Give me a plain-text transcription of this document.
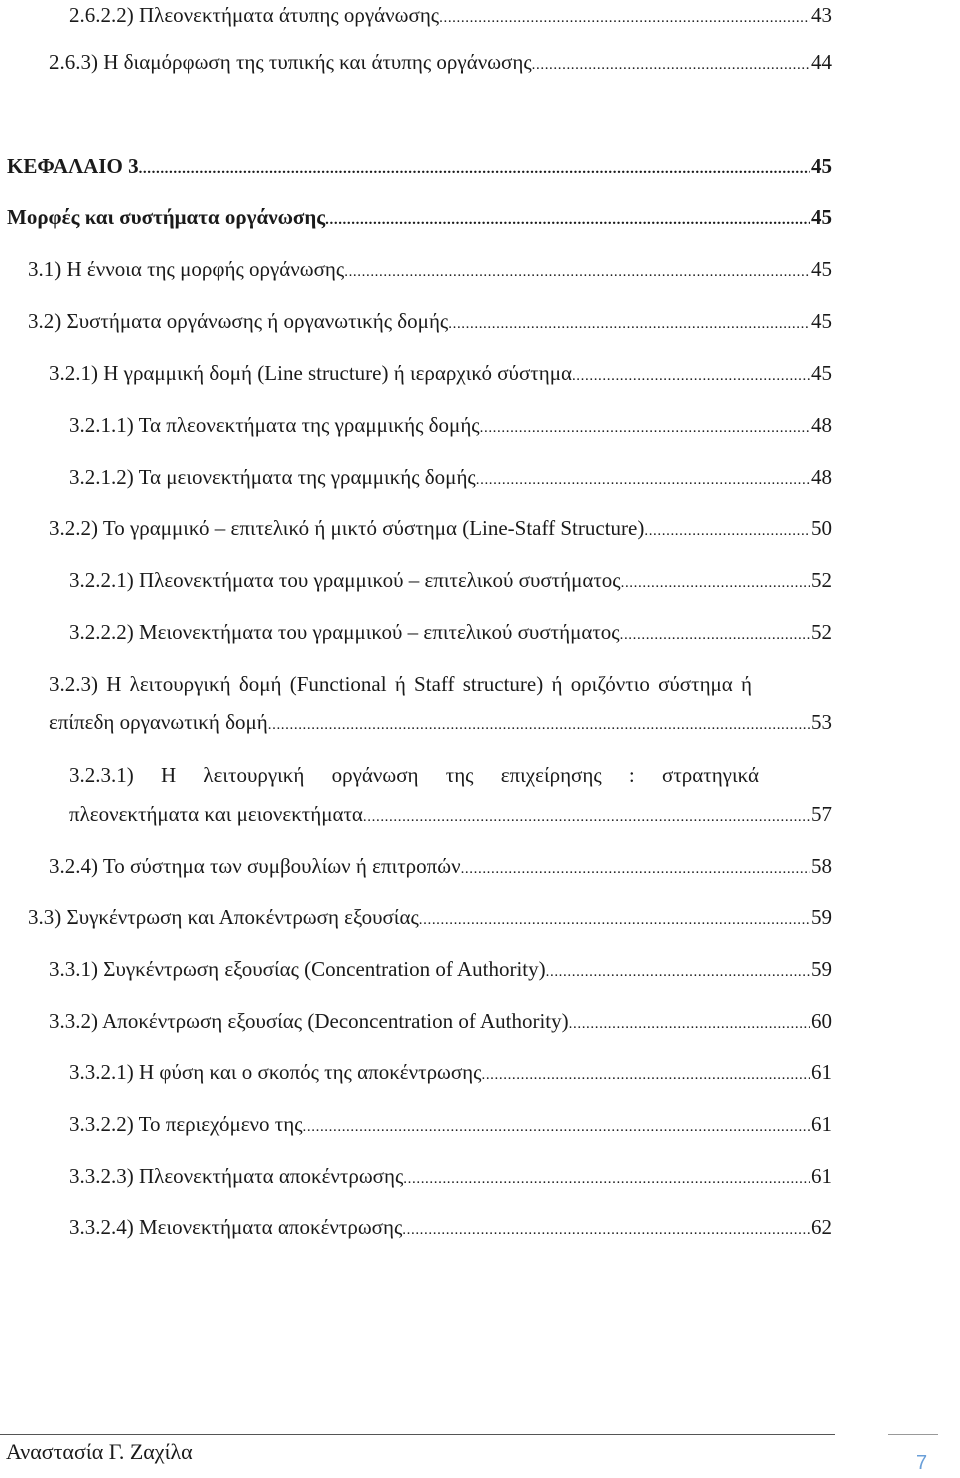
2.6.2.2) Πλεονεκτήματα άτυπης οργάνωσης .....	43
2.6.3) Η διαμόρφωση της τυπικής και άτυπης οργάνωσης .....	44
ΚΕΦΑΛΑΙΟ 3 .....	45
Μορφές και συστήματα οργάνωσης .....	45
3.1) Η έννοια της μορφής οργάνωσης .....	45
3.2) Συστήματα οργάνωσης ή οργανωτικής δομής .....	45
3.2.1) Η γραμμική δομή (Line structure) ή ιεραρχικό σύστημα .....	45
3.2.1.1) Τα πλεονεκτήματα της γραμμικής δομής .....	48
3.2.1.2) Τα μειονεκτήματα της γραμμικής δομής .....	48
3.2.2) Το γραμμικό – επιτελικό ή μικτό σύστημα (Line-Staff Structure) .....	50
3.2.2.1) Πλεονεκτήματα του γραμμικού – επιτελικού συστήματος .....	52
3.2.2.2) Μειονεκτήματα του γραμμικού – επιτελικού συστήματος .....	52
3.2.3) Η λειτουργική δομή (Functional ή Staff structure) ή οριζόντιο σύστημα ή
επίπεδη οργανωτική δομή .....	53
3.2.3.1) Η λειτουργική οργάνωση της επιχείρησης : στρατηγικά
πλεονεκτήματα και μειονεκτήματα .....	57
3.2.4) Το σύστημα των συμβουλίων ή επιτροπών .....	58
3.3) Συγκέντρωση και Αποκέντρωση εξουσίας .....	59
3.3.1) Συγκέντρωση εξουσίας (Concentration of Authority) .....	59
3.3.2) Αποκέντρωση εξουσίας (Deconcentration of Authority) .....	60
3.3.2.1) Η φύση και ο σκοπός της αποκέντρωσης .....	61
3.3.2.2) Το περιεχόμενο της .....	61
3.3.2.3) Πλεονεκτήματα αποκέντρωσης .....	61
3.3.2.4) Μειονεκτήματα αποκέντρωσης .....	62
Αναστασία Γ. Ζαχίλα	7
